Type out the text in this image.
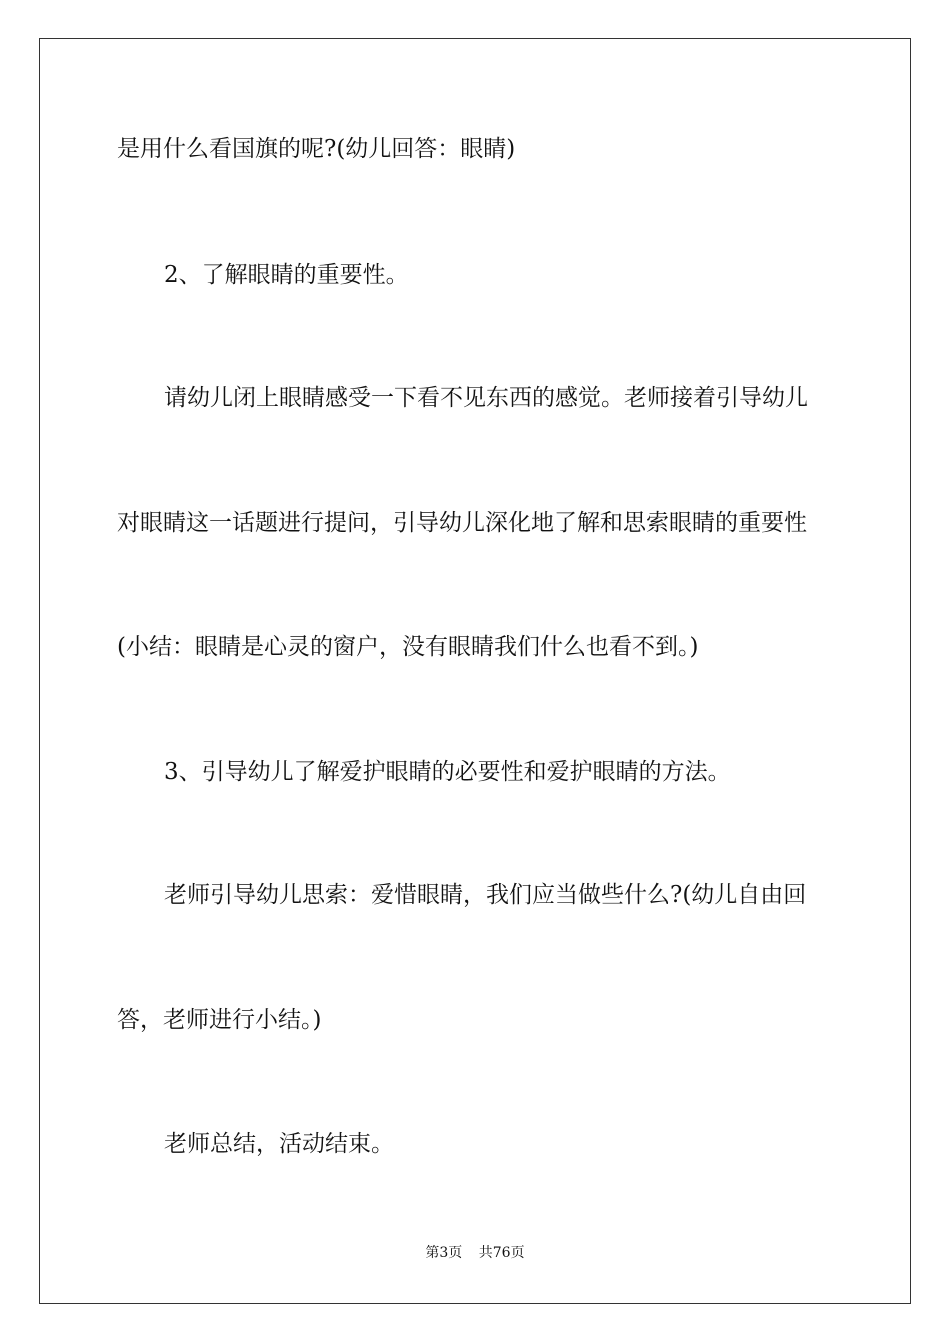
是用什么看国旗的呢?(幼儿回答：眼睛)
2、了解眼睛的重要性。
请幼儿闭上眼睛感受一下看不见东西的感觉。老师接着引导幼儿
对眼睛这一话题进行提问，引导幼儿深化地了解和思索眼睛的重要性
(小结：眼睛是心灵的窗户，没有眼睛我们什么也看不到。)
3、引导幼儿了解爱护眼睛的必要性和爱护眼睛的方法。
老师引导幼儿思索：爱惜眼睛，我们应当做些什么?(幼儿自由回
答，老师进行小结。)
老师总结，活动结束。
第3页 共76页
